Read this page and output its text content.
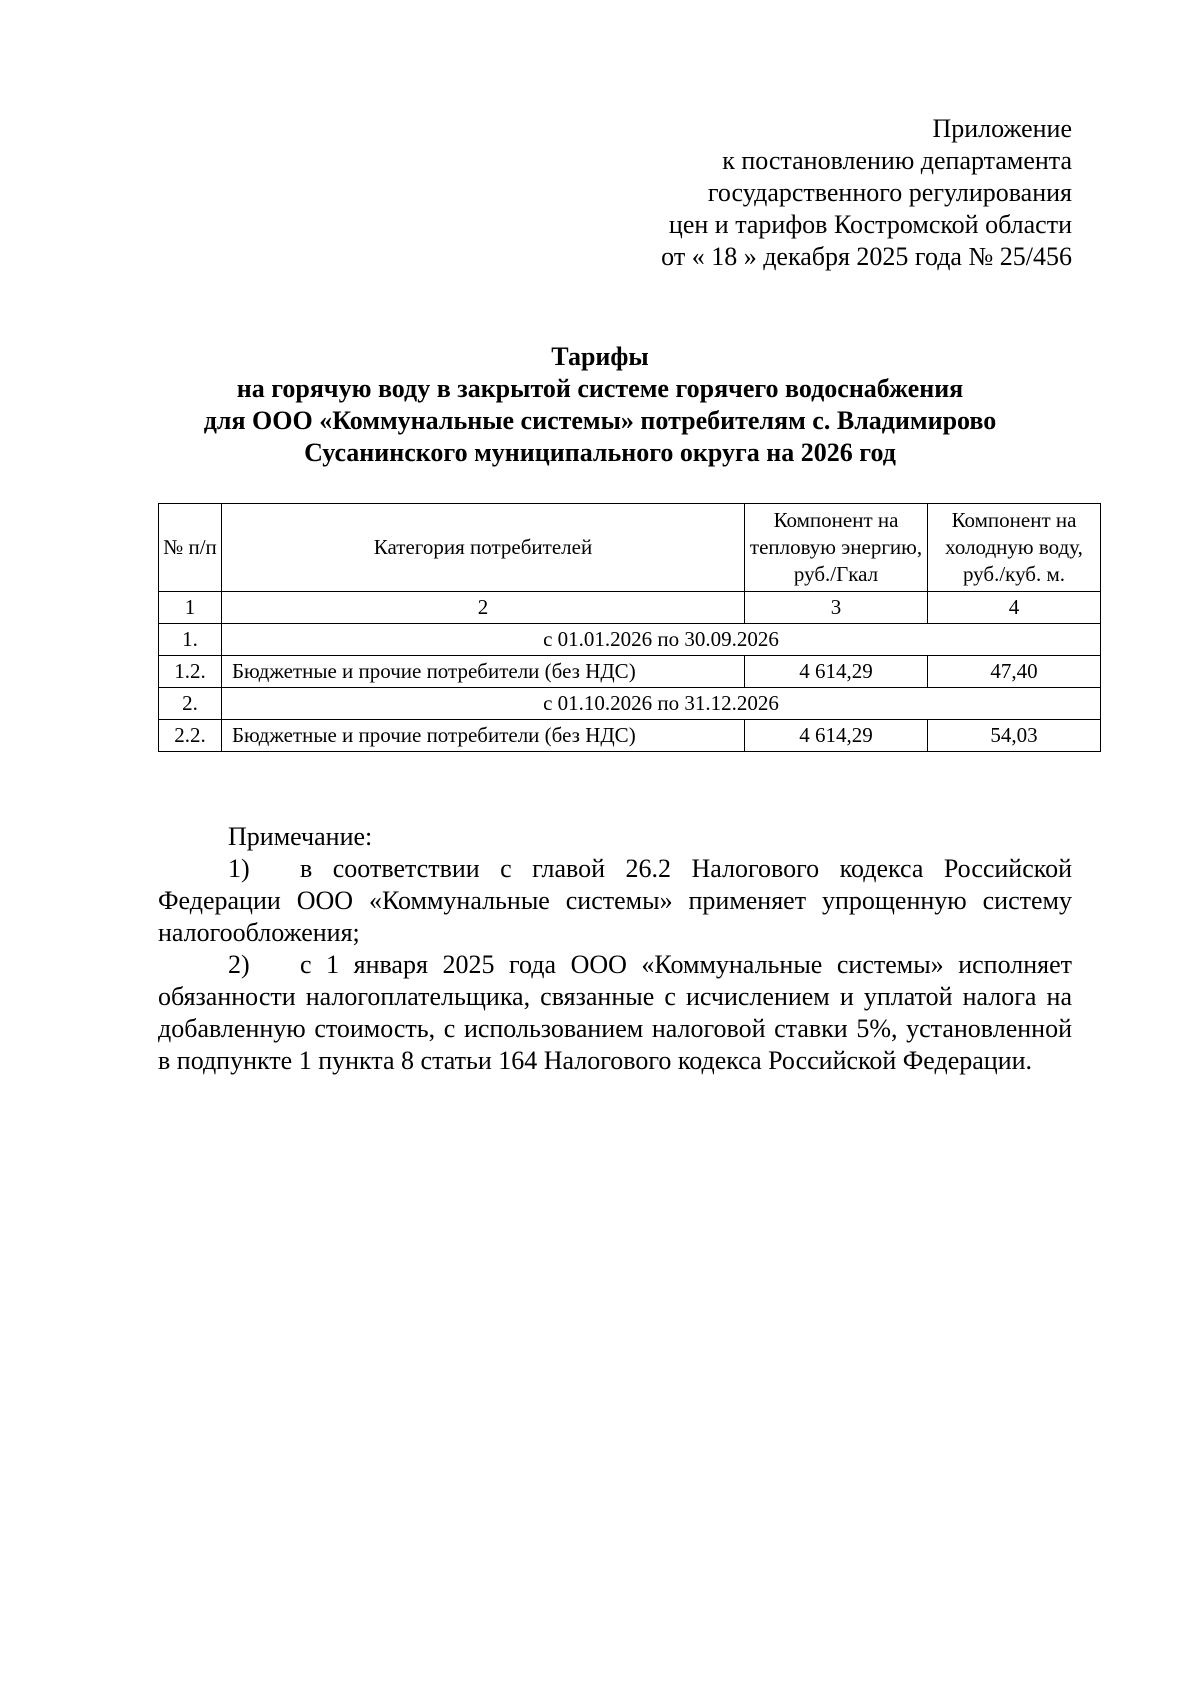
Приложение
к постановлению департамента
государственного регулирования
цен и тарифов Костромской области
от « 18 » декабря 2025 года № 25/456
Тарифы
на горячую воду в закрытой системе горячего водоснабжения
для ООО «Коммунальные системы» потребителям с. Владимирово
Сусанинского муниципального округа на 2026 год
№ п/п	Категория потребителей	Компонент на тепловую энергию, руб./Гкал	Компонент на холодную воду, руб./куб. м.
1	2	3	4
1.	с 01.01.2026 по 30.09.2026		
1.2.	Бюджетные и прочие потребители (без НДС)	4 614,29	47,40
2.	с 01.10.2026 по 31.12.2026		
2.2.	Бюджетные и прочие потребители (без НДС)	4 614,29	54,03

Примечание:

1) в соответствии с главой 26.2 Налогового кодекса Российской Федерации ООО «Коммунальные системы» применяет упрощенную систему налогообложения;

2) с 1 января 2025 года ООО «Коммунальные системы» исполняет обязанности налогоплательщика, связанные с исчислением и уплатой налога на добавленную стоимость, с использованием налоговой ставки 5%, установленной в подпункте 1 пункта 8 статьи 164 Налогового кодекса Российской Федерации.
